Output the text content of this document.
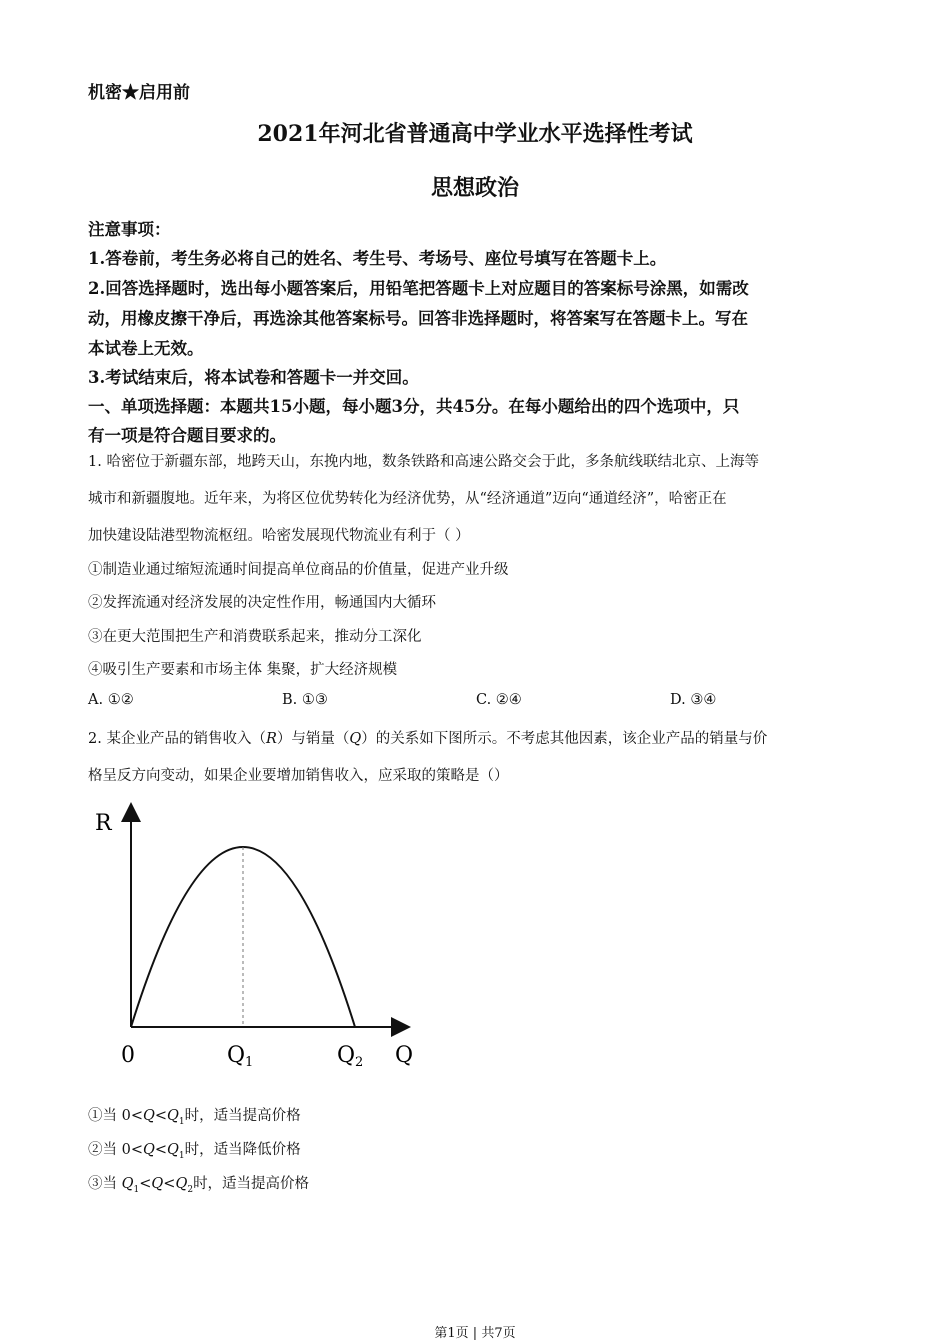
机密★启用前
2021年河北省普通高中学业水平选择性考试
思想政治
注意事项：
1.答卷前，考生务必将自己的姓名、考生号、考场号、座位号填写在答题卡上。
2.回答选择题时，选出每小题答案后，用铅笔把答题卡上对应题目的答案标号涂黑，如需改
动，用橡皮擦干净后，再选涂其他答案标号。回答非选择题时，将答案写在答题卡上。写在
本试卷上无效。
3.考试结束后，将本试卷和答题卡一并交回。
一、单项选择题：本题共15小题，每小题3分，共45分。在每小题给出的四个选项中，只
有一项是符合题目要求的。
1. 哈密位于新疆东部，地跨天山，东挽内地，数条铁路和高速公路交会于此，多条航线联结北京、上海等
城市和新疆腹地。近年来，为将区位优势转化为经济优势，从“经济通道”迈向“通道经济”，哈密正在
加快建设陆港型物流枢纽。哈密发展现代物流业有利于（ ）
①制造业通过缩短流通时间提高单位商品的价值量，促进产业升级
②发挥流通对经济发展的决定性作用，畅通国内大循环
③在更大范围把生产和消费联系起来，推动分工深化
④吸引生产要素和市场主体 集聚，扩大经济规模
A. ①②	B. ①③	C. ②④	D. ③④
2. 某企业产品的销售收入（R）与销量（Q）的关系如下图所示。不考虑其他因素，该企业产品的销量与价
格呈反方向变动，如果企业要增加销售收入，应采取的策略是（）
R
0	Q1	Q2 Q
①当 $0<Q<Q_1$时，适当提高价格
②当 $0<Q<Q_1$时，适当降低价格
③当 $Q_1<Q<Q_2$时，适当提高价格
第1页 | 共7页
